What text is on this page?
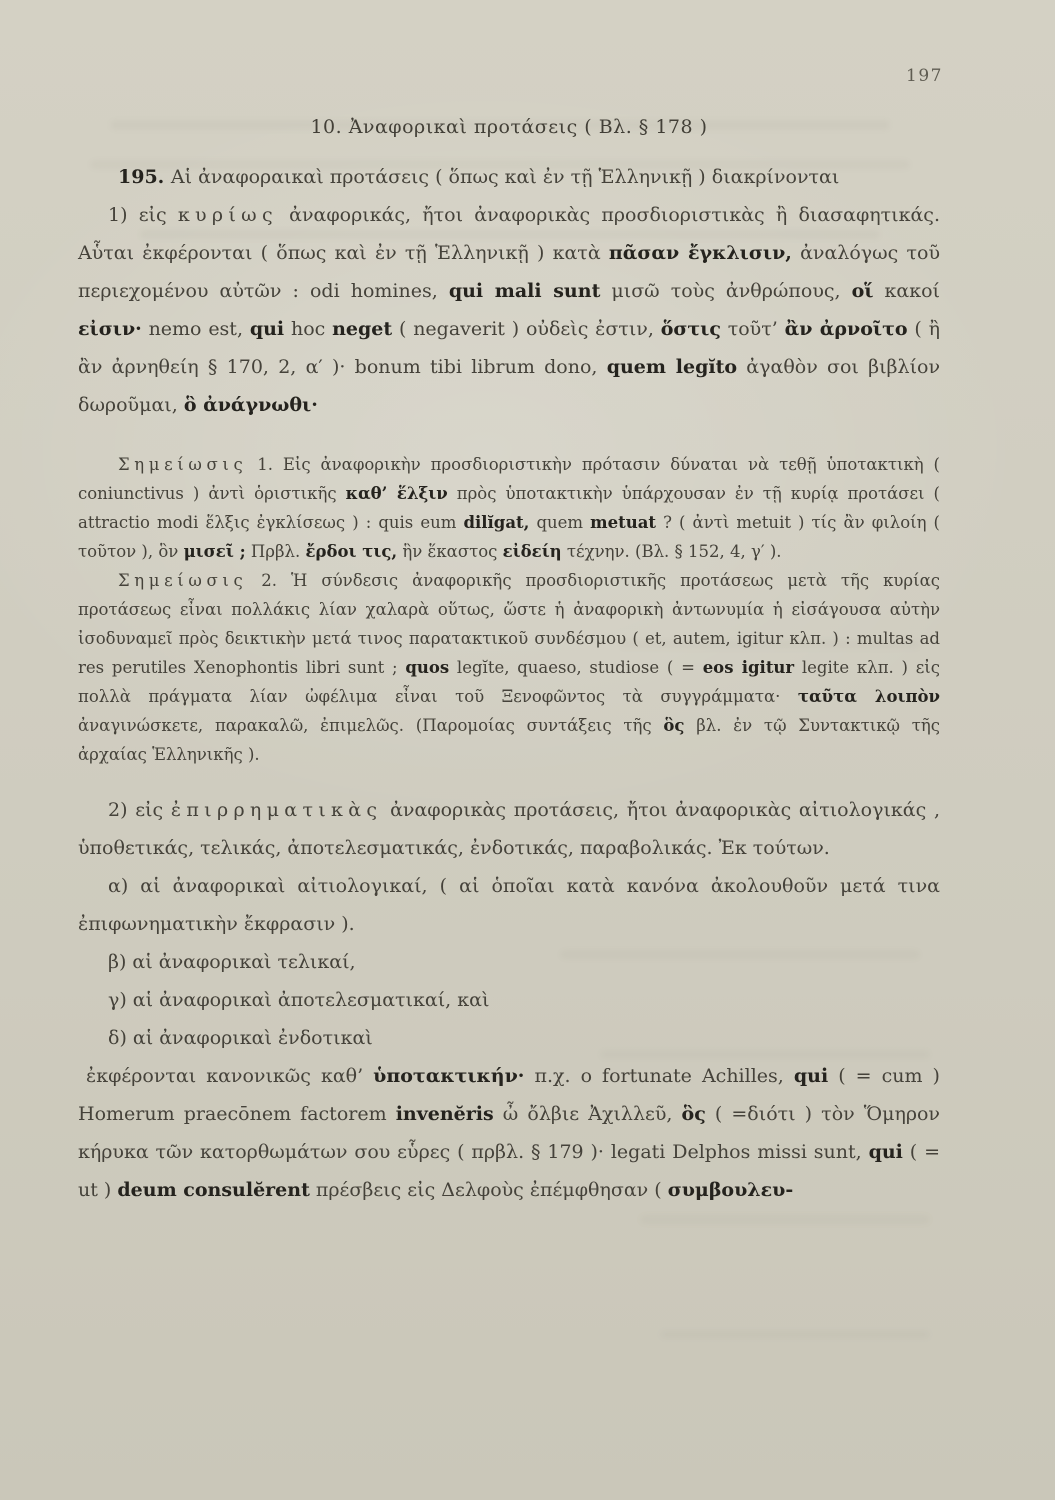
197
10. Ἀναφορικαὶ προτάσεις ( Βλ. § 178 )

195. Αἱ ἀναφοραικαὶ προτάσεις ( ὅπως καὶ ἐν τῇ Ἑλληνικῇ ) διακρίνονται

1) εἰς κυρίως ἀναφορικάς, ἤτοι ἀναφορικὰς προσδιοριστικὰς ἢ διασαφητικάς. Αὗται ἐκφέρονται ( ὅπως καὶ ἐν τῇ Ἑλληνικῇ ) κατὰ πᾶσαν ἔγκλισιν, ἀναλόγως τοῦ περιεχομένου αὐτῶν : odi homines, qui mali sunt μισῶ τοὺς ἀνθρώπους, οἵ κακοί εἰσιν· nemo est, qui hoc neget ( negaverit ) οὐδεὶς ἐστιν, ὅστις τοῦτ’ ἂν ἀρνοῖτο ( ἢ ἂν ἀρνηθείη § 170, 2, α′ )· bonum tibi librum dono, quem legĭto ἀγαθὸν σοι βιβλίον δωροῦμαι, ὃ ἀνάγνωθι·

Σημείωσις 1. Εἰς ἀναφορικὴν προσδιοριστικὴν πρότασιν δύναται νὰ τεθῇ ὑποτακτικὴ ( coniunctivus ) ἀντὶ ὁριστικῆς καθ’ ἕλξιν πρὸς ὑποτακτικὴν ὑπάρχουσαν ἐν τῇ κυρίᾳ προτάσει ( attractio modi ἕλξις ἐγκλίσεως ) : quis eum dilĭgat, quem metuat ? ( ἀντὶ metuit ) τίς ἂν φιλοίη ( τοῦτον ), ὃν μισεῖ ; Πρβλ. ἔρδοι τις, ἣν ἕκαστος εἰδείη τέχνην. (Βλ. § 152, 4, γ′ ).

Σημείωσις 2. Ἡ σύνδεσις ἀναφορικῆς προσδιοριστικῆς προτάσεως μετὰ τῆς κυρίας προτάσεως εἶναι πολλάκις λίαν χαλαρὰ οὕτως, ὥστε ἡ ἀναφορικὴ ἀντωνυμία ἡ εἰσάγουσα αὐτὴν ἰσοδυναμεῖ πρὸς δεικτικὴν μετά τινος παρατακτικοῦ συνδέσμου ( et, autem, igitur κλπ. ) : multas ad res perutiles Xenophontis libri sunt ; quos legĭte, quaeso, studiose ( = eos igitur legite κλπ. ) εἰς πολλὰ πράγματα λίαν ὠφέλιμα εἶναι τοῦ Ξενοφῶντος τὰ συγγράμματα· ταῦτα λοιπὸν ἀναγινώσκετε, παρακαλῶ, ἐπιμελῶς. (Παρομοίας συντάξεις τῆς ὃς βλ. ἐν τῷ Συντακτικῷ τῆς ἀρχαίας Ἑλληνικῆς ).

2) εἰς ἐπιρρηματικὰς ἀναφορικὰς προτάσεις, ἤτοι ἀναφορικὰς αἰτιολογικάς , ὑποθετικάς, τελικάς, ἀποτελεσματικάς, ἐνδοτικάς, παραβολικάς. Ἐκ τούτων.

α) αἱ ἀναφορικαὶ αἰτιολογικαί, ( αἱ ὁποῖαι κατὰ κανόνα ἀκολουθοῦν μετά τινα ἐπιφωνηματικὴν ἔκφρασιν ).

β) αἱ ἀναφορικαὶ τελικαί,

γ) αἱ ἀναφορικαὶ ἀποτελεσματικαί, καὶ

δ) αἱ ἀναφορικαὶ ἐνδοτικαὶ

ἐκφέρονται κανονικῶς καθ’ ὑποτακτικήν· π.χ. o fortunate Achilles, qui ( = cum ) Homerum praecōnem factorem invenĕris ὦ ὄλβιε Ἀχιλλεῦ, ὃς ( =διότι ) τὸν Ὅμηρον κήρυκα τῶν κατορθωμάτων σου εὗρες ( πρβλ. § 179 )· legati Delphos missi sunt, qui ( = ut ) deum consulĕrent πρέσβεις εἰς Δελφοὺς ἐπέμφθησαν ( συμβουλευ-
